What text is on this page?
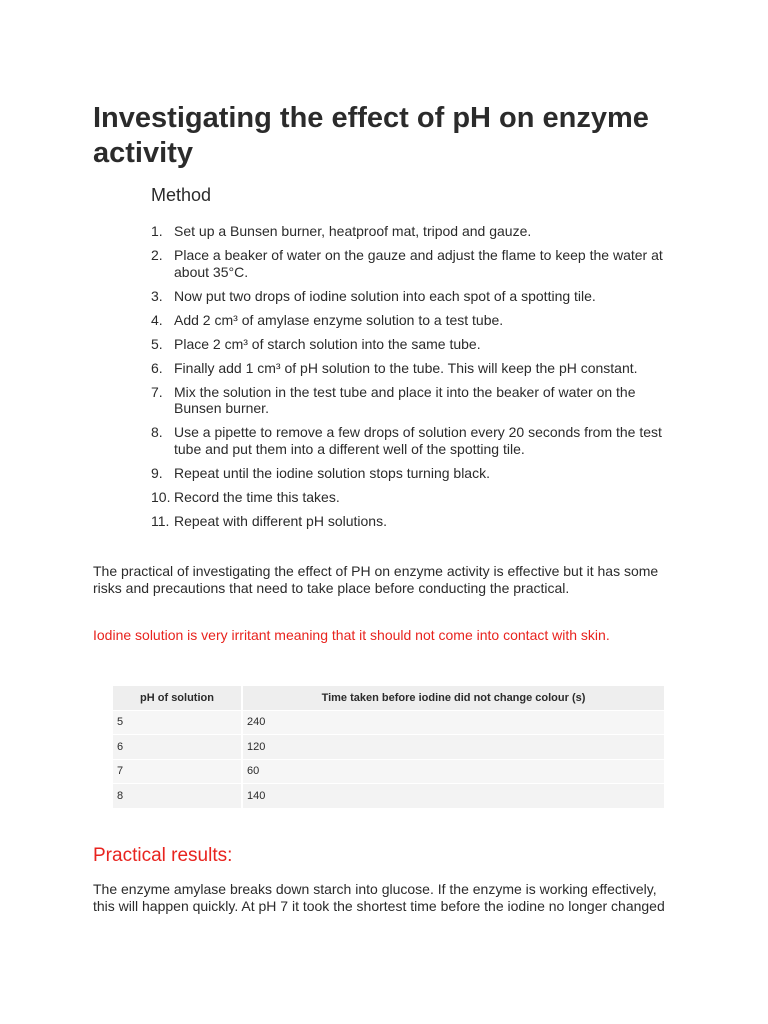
Investigating the effect of pH on enzyme activity
Method
1. Set up a Bunsen burner, heatproof mat, tripod and gauze.
2. Place a beaker of water on the gauze and adjust the flame to keep the water at about 35°C.
3. Now put two drops of iodine solution into each spot of a spotting tile.
4. Add 2 cm³ of amylase enzyme solution to a test tube.
5. Place 2 cm³ of starch solution into the same tube.
6. Finally add 1 cm³ of pH solution to the tube. This will keep the pH constant.
7. Mix the solution in the test tube and place it into the beaker of water on the Bunsen burner.
8. Use a pipette to remove a few drops of solution every 20 seconds from the test tube and put them into a different well of the spotting tile.
9. Repeat until the iodine solution stops turning black.
10. Record the time this takes.
11. Repeat with different pH solutions.

The practical of investigating the effect of PH on enzyme activity is effective but it has some risks and precautions that need to take place before conducting the practical.

Iodine solution is very irritant meaning that it should not come into contact with skin.

pH of solution	Time taken before iodine did not change colour (s)
5	240
6	120
7	60
8	140
Practical results:

The enzyme amylase breaks down starch into glucose. If the enzyme is working effectively, this will happen quickly. At pH 7 it took the shortest time before the iodine no longer changed
